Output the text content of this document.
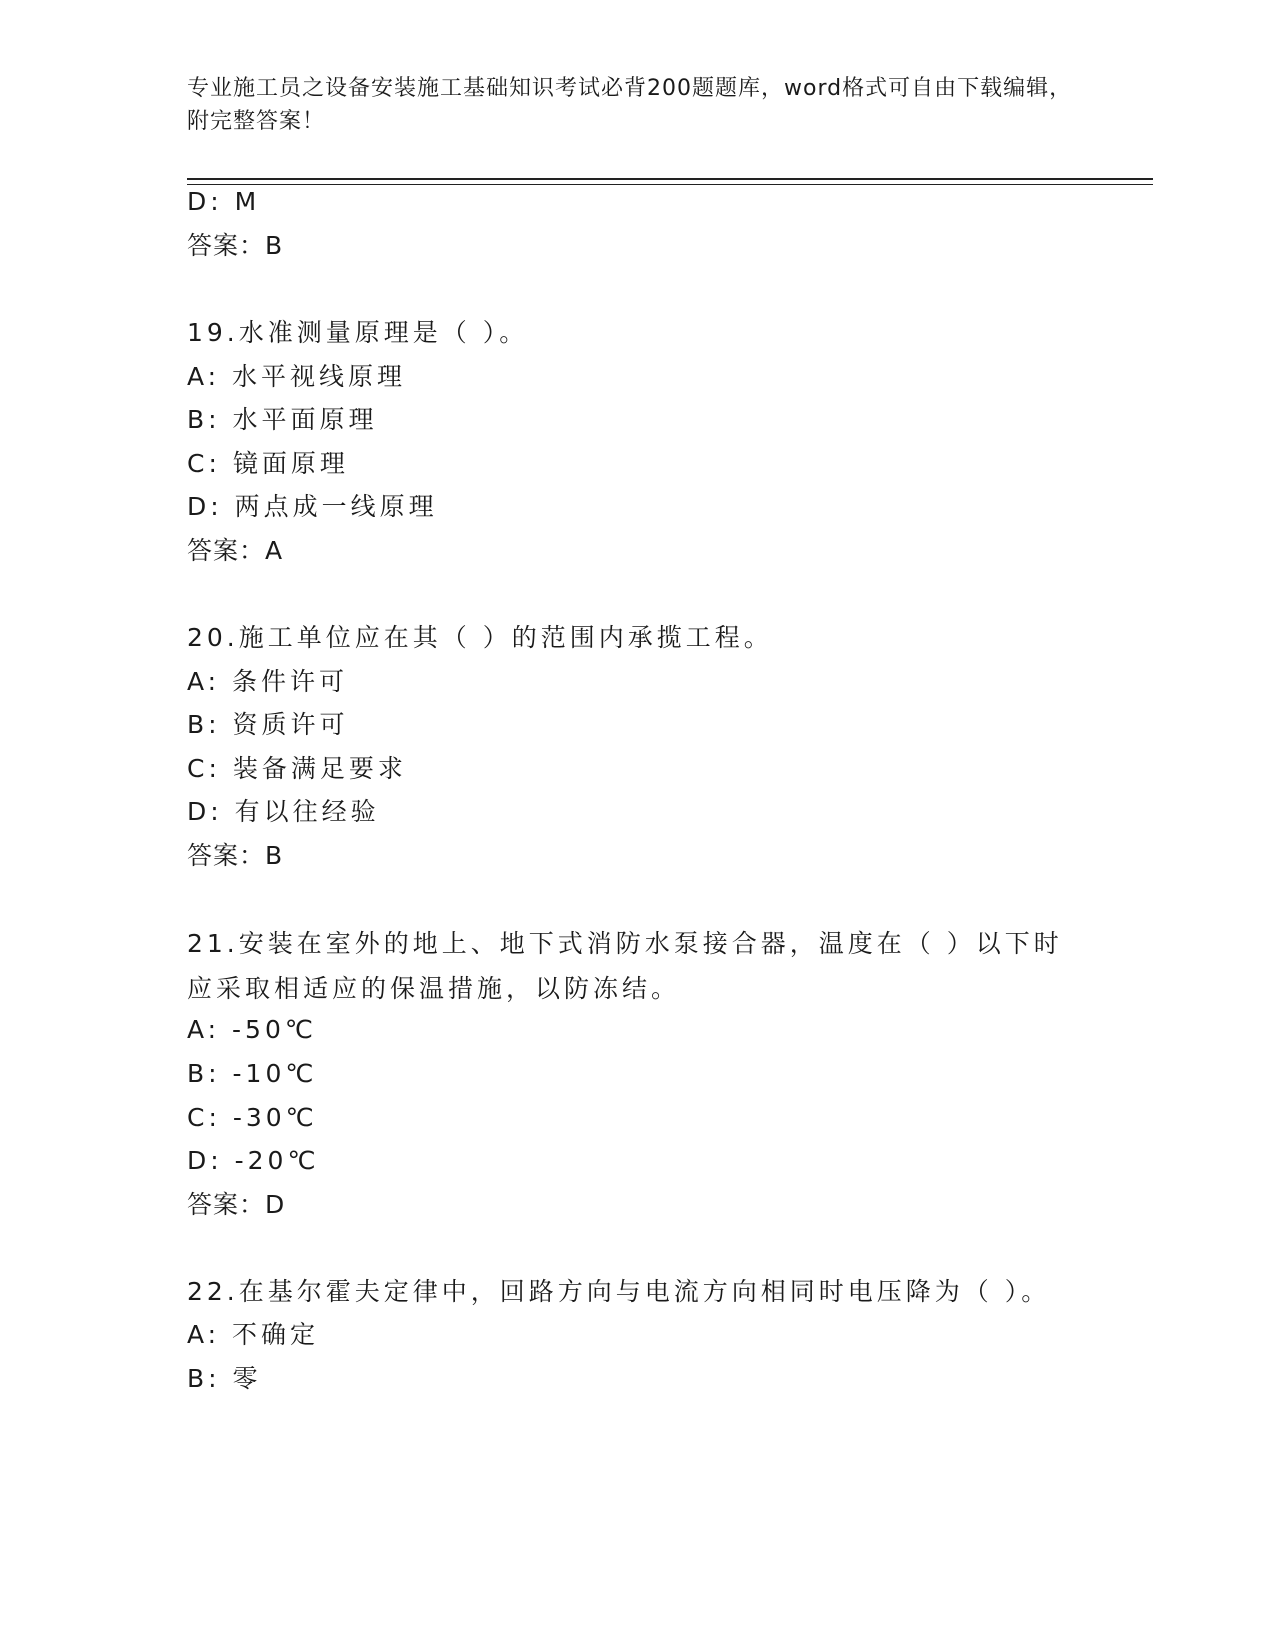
专业施工员之设备安装施工基础知识考试必背200题题库，word格式可自由下载编辑，附完整答案！
D: M
答案：B
19.水准测量原理是（ ）。
A: 水平视线原理
B: 水平面原理
C: 镜面原理
D: 两点成一线原理
答案：A
20.施工单位应在其（ ）的范围内承揽工程。
A: 条件许可
B: 资质许可
C: 装备满足要求
D: 有以往经验
答案：B
21.安装在室外的地上、地下式消防水泵接合器，温度在（ ）以下时应采取相适应的保温措施，以防冻结。
A: -50℃
B: -10℃
C: -30℃
D: -20℃
答案：D
22.在基尔霍夫定律中，回路方向与电流方向相同时电压降为（ ）。
A: 不确定
B: 零
